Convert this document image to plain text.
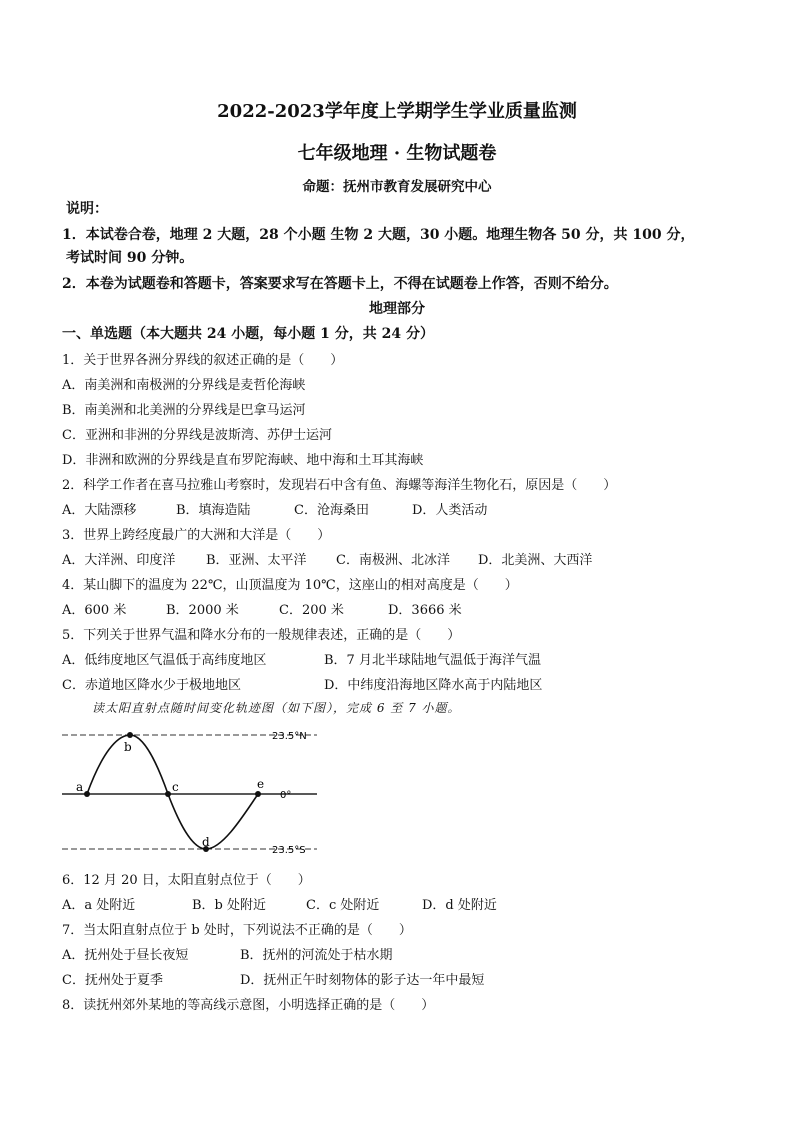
2022-2023学年度上学期学生学业质量监测
七年级地理 · 生物试题卷
命题：抚州市教育发展研究中心
说明：
1．本试卷合卷，地理 2 大题，28 个小题 生物 2 大题，30 小题。地理生物各 50 分，共 100 分，
考试时间 90 分钟。
2．本卷为试题卷和答题卡，答案要求写在答题卡上，不得在试题卷上作答，否则不给分。
地理部分
一、单选题（本大题共 24 小题，每小题 1 分，共 24 分）
1．关于世界各洲分界线的叙述正确的是（　　）
A．南美洲和南极洲的分界线是麦哲伦海峡
B．南美洲和北美洲的分界线是巴拿马运河
C．亚洲和非洲的分界线是波斯湾、苏伊士运河
D．非洲和欧洲的分界线是直布罗陀海峡、地中海和土耳其海峡
2．科学工作者在喜马拉雅山考察时，发现岩石中含有鱼、海螺等海洋生物化石，原因是（　　）
A．大陆漂移	B．填海造陆	C．沧海桑田	D．人类活动
3．世界上跨经度最广的大洲和大洋是（　　）
A．大洋洲、印度洋 B．亚洲、太平洋 C．南极洲、北冰洋 D．北美洲、大西洋
4．某山脚下的温度为 22℃，山顶温度为 10℃，这座山的相对高度是（　　）
A．600 米	B．2000 米	C．200 米	D．3666 米
5．下列关于世界气温和降水分布的一般规律表述，正确的是（　　）
A．低纬度地区气温低于高纬度地区	B．7 月北半球陆地气温低于海洋气温
C．赤道地区降水少于极地地区	D．中纬度沿海地区降水高于内陆地区
读太阳直射点随时间变化轨迹图（如下图），完成 6 至 7 小题。
a
b
c
d
e
23.5°N
0°
23.5°S
6．12 月 20 日，太阳直射点位于（　　）
A．a 处附近	B．b 处附近	C．c 处附近	D．d 处附近
7．当太阳直射点位于 b 处时，下列说法不正确的是（　　）
A．抚州处于昼长夜短	B．抚州的河流处于枯水期
C．抚州处于夏季	D．抚州正午时刻物体的影子达一年中最短
8．读抚州郊外某地的等高线示意图，小明选择正确的是（　　）
